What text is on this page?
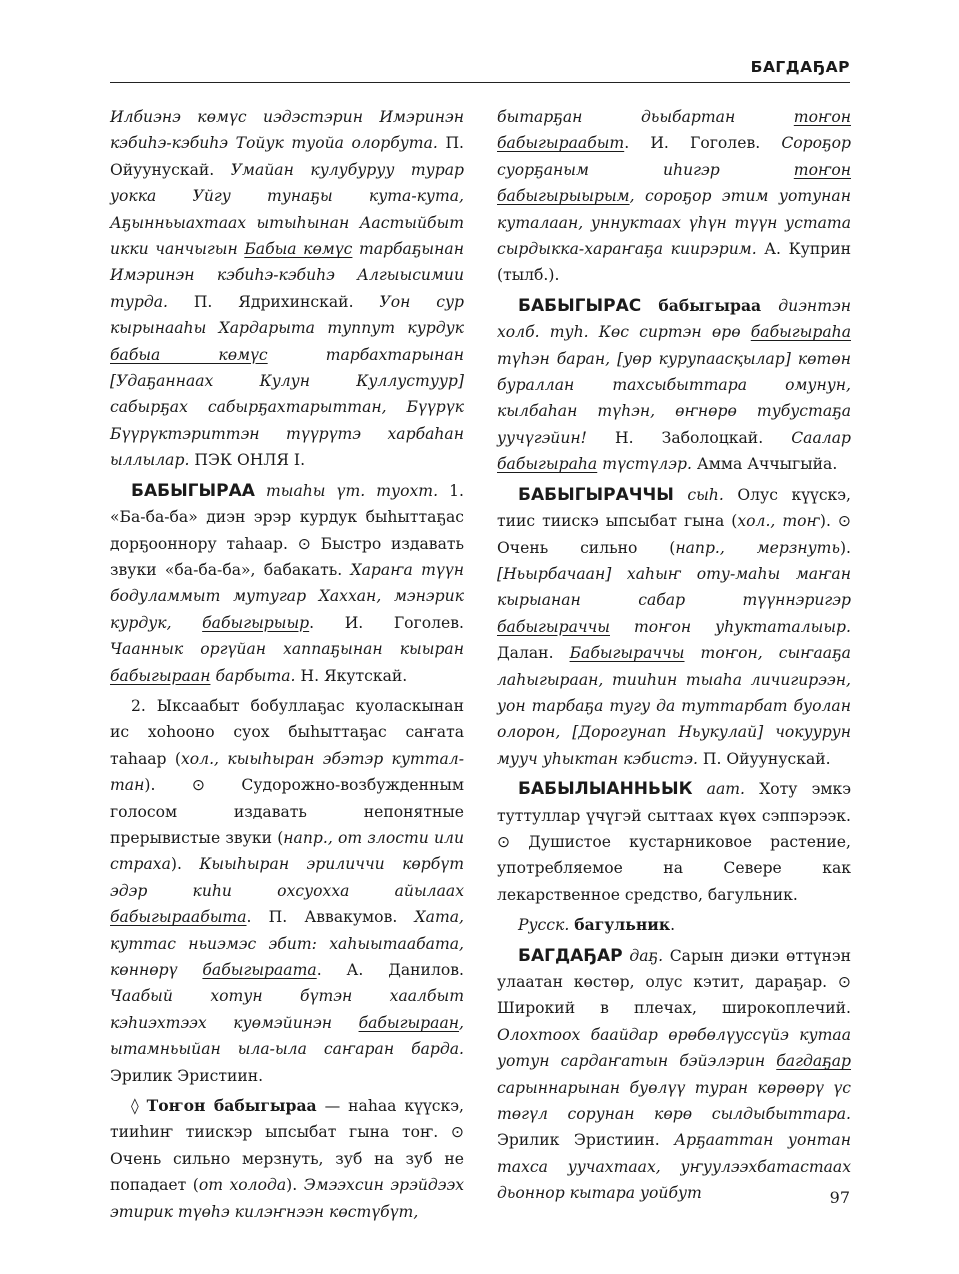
БАГДАҔАР

Илбиэнэ көмүс иэдэстэрин Имэринэн кэбиһэ-кэбиһэ Тойук туойа олорбута. П. Ойуунускай. Умайан кулубуруу турар уокка Уйгу тунаҕы кута-кута, Аҕынньыахтаах ытыһынан Аастыйбыт икки чанчыгын Бабыа көмүс тарбаҕынан Имэринэн кэбиһэ-кэбиһэ Алгыысимии турда. П. Ядрихинскай. Уон сур кырынааһы Хардарыта туппут курдук бабыа көмүс	тарбахтарынан [Удаҕаннаах Кулун Куллустуур] сабырҕах сабырҕахтарыттан, Бүүрүк Бүүрүктэриттэн түүрүтэ харбаһан ыллылар. ПЭК ОНЛЯ I.

БАБЫГЫРАА тыаһы үт. туохт. 1. «Ба-ба-ба» диэн эрэр курдук быһыттаҕас дорҕооннору таһаар. ⊙ Быстро издавать звуки «ба-ба-ба», бабакать. Хараҥа түүн бодуламмыт мутугар Хаххан, мэнэрик курдук, бабыгырыыр. И. Гоголев. Чааннык оргүйан хаппаҕынан кыыран бабыгыраан барбыта. Н. Якутскай.

2. Ыксаабыт бобуллаҕас куоласкынан ис хоһооно суох быһыттаҕас саҥата таһаар (хол., кыыһыран эбэтэр куттал-тан). ⊙ Судорожно-возбужденным голосом издавать непонятные прерывистые звуки (напр., от злости или страха). Кыыһыран эриличчи көрбүт эдэр киһи охсуохха айылаах бабыгыраабыта. П. Аввакумов. Хата, куттас ньиэмэс эбит: хаһыытаабата, көннөрү бабыгыраата. А. Данилов. Чаабый хотун бүтэн хаалбыт кэһиэхтээх куөмэйинэн бабыгыраан, ытамньыйан ыла-ыла саҥаран барда. Эрилик Эристиин.

◊ Тоҥон бабыгыраа — наһаа күүскэ, тииһиҥ тиискэр ыпсыбат гына тоҥ. ⊙ Очень сильно мерзнуть, зуб на зуб не попадает (от холода). Эмээхсин эрэйдээх этирик түөһэ килэҥнээн көстүбүт,

бытарҕан дьыбартан	тоҥон бабыгыраабыт. И. Гоголев. Сороҕор суорҕаным иһигэр	тоҥон бабыгырыырым, сороҕор этим уотунан куталаан, уннуктаах үһүн түүн устата сырдыкка-хараҥаҕа киирэрим. А. Куприн (тылб.).

БАБЫГЫРАС бабыгыраа диэнтэн холб. туһ. Көс сиртэн өрө бабыгыраһа түһэн баран, [уөр курупаасқылар] көтөн бураллан тахсыбыттара омунун, кылбаһан түһэн, өҥнөрө тубустаҕа уучүгэйин! Н. Заболоцкай. Саалар бабыгыраһа түстүлэр. Амма Аччыгыйа.

БАБЫГЫРАЧЧЫ сыһ. Олус күүскэ, тиис тиискэ ыпсыбат гына (хол., тоҥ). ⊙ Очень сильно (напр., мерзнуть). [Ньырбачаан] хаһыҥ оту-маһы маҥан кырыанан сабар түүннэригэр бабыгыраччы тоҥон уһуктаталыыр. Далан. Бабыгыраччы тоҥон, сыҥааҕа лаһыгыраан, тииһин тыаһа личигирээн, уон тарбаҕа тугу да туттарбат буолан олорон, [Дорогунап Ньукулай] чокуурун мууч уһыктан кэбистэ. П. Ойуунускай.

БАБЫЛЫАННЬЫК аат. Хоту эмкэ туттуллар үчүгэй сыттаах күөх сэппэрээк. ⊙ Душистое кустарниковое растение, употребляемое на Севере как лекарственное средство, багульник.

Русск. багульник.

БАГДАҔАР даҕ. Сарын диэки өттүнэн улаатан көстөр, олус кэтит, дараҕар. ⊙ Широкий в плечах, широкоплечий. Олохтоох баайдар өрөбөлүуссүйэ кутаа уотун сардаҥатын бэйэлэрин багдаҕар сарыннарынан буөлүү туран көрөөрү үс төгүл сорунан көрө сылдыбыттара. Эрилик Эристиин. Арҕааттан уонтан тахса уучахтаах, уҥуулээхбатастаах дьоннор кытара уойбут	97
